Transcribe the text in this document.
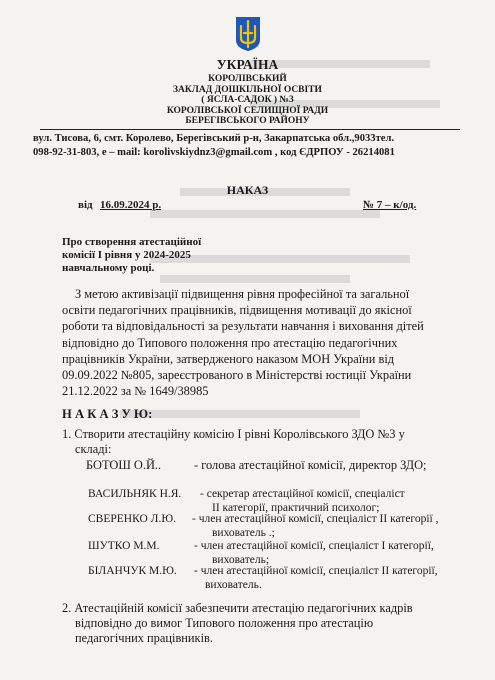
УКРАЇНА
КОРОЛІВСЬКИЙ
ЗАКЛАД ДОШКІЛЬНОЇ ОСВІТИ
( ЯСЛА-САДОК ) №3
КОРОЛІВСЬКОЇ СЕЛИЩНОЇ РАДИ
БЕРЕГІВСЬКОГО РАЙОНУ
вул. Тисова, 6, смт. Королево, Берегівський р-н, Закарпатська обл.,9033тел.
098-92-31-803, е – mail: korolivskiydnz3@gmail.com , код ЄДРПОУ - 26214081
НАКАЗ
від 16.09.2024 р.	№ 7 – к/од.
Про створення атестаційної
комісії І рівня у 2024-2025
навчальному році.
З метою активізації підвищення рівня професійної та загальної
освіти педагогічних працівників, підвищення мотивації до якісної
роботи та відповідальності за результати навчання і виховання дітей
відповідно до Типового положення про атестацію педагогічних
працівників України, затвердженого наказом МОН України від
09.09.2022 №805, зареєстрованого в Міністерстві юстиції України
21.12.2022 за № 1649/38985
Н А К А З У Ю:
1. Створити атестаційну комісію І рівні Королівського ЗДО №3 у
складі:
БОТОШ О.Й..	- голова атестаційної комісії, директор ЗДО;
ВАСИЛЬНЯК Н.Я. - секретар атестаційної комісії, спеціаліст
ІІ категорії, практичний психолог;
СВЕРЕНКО Л.Ю. - член атестаційної комісії, спеціаліст ІІ категорії ,
вихователь .;
ШУТКО М.М.	- член атестаційної комісії, спеціаліст І категорії,
вихователь;
БІЛАНЧУК М.Ю. - член атестаційної комісії, спеціаліст ІІ категорії,
вихователь.
2. Атестаційній комісії забезпечити атестацію педагогічних кадрів
відповідно до вимог Типового положення про атестацію
педагогічних працівників.
